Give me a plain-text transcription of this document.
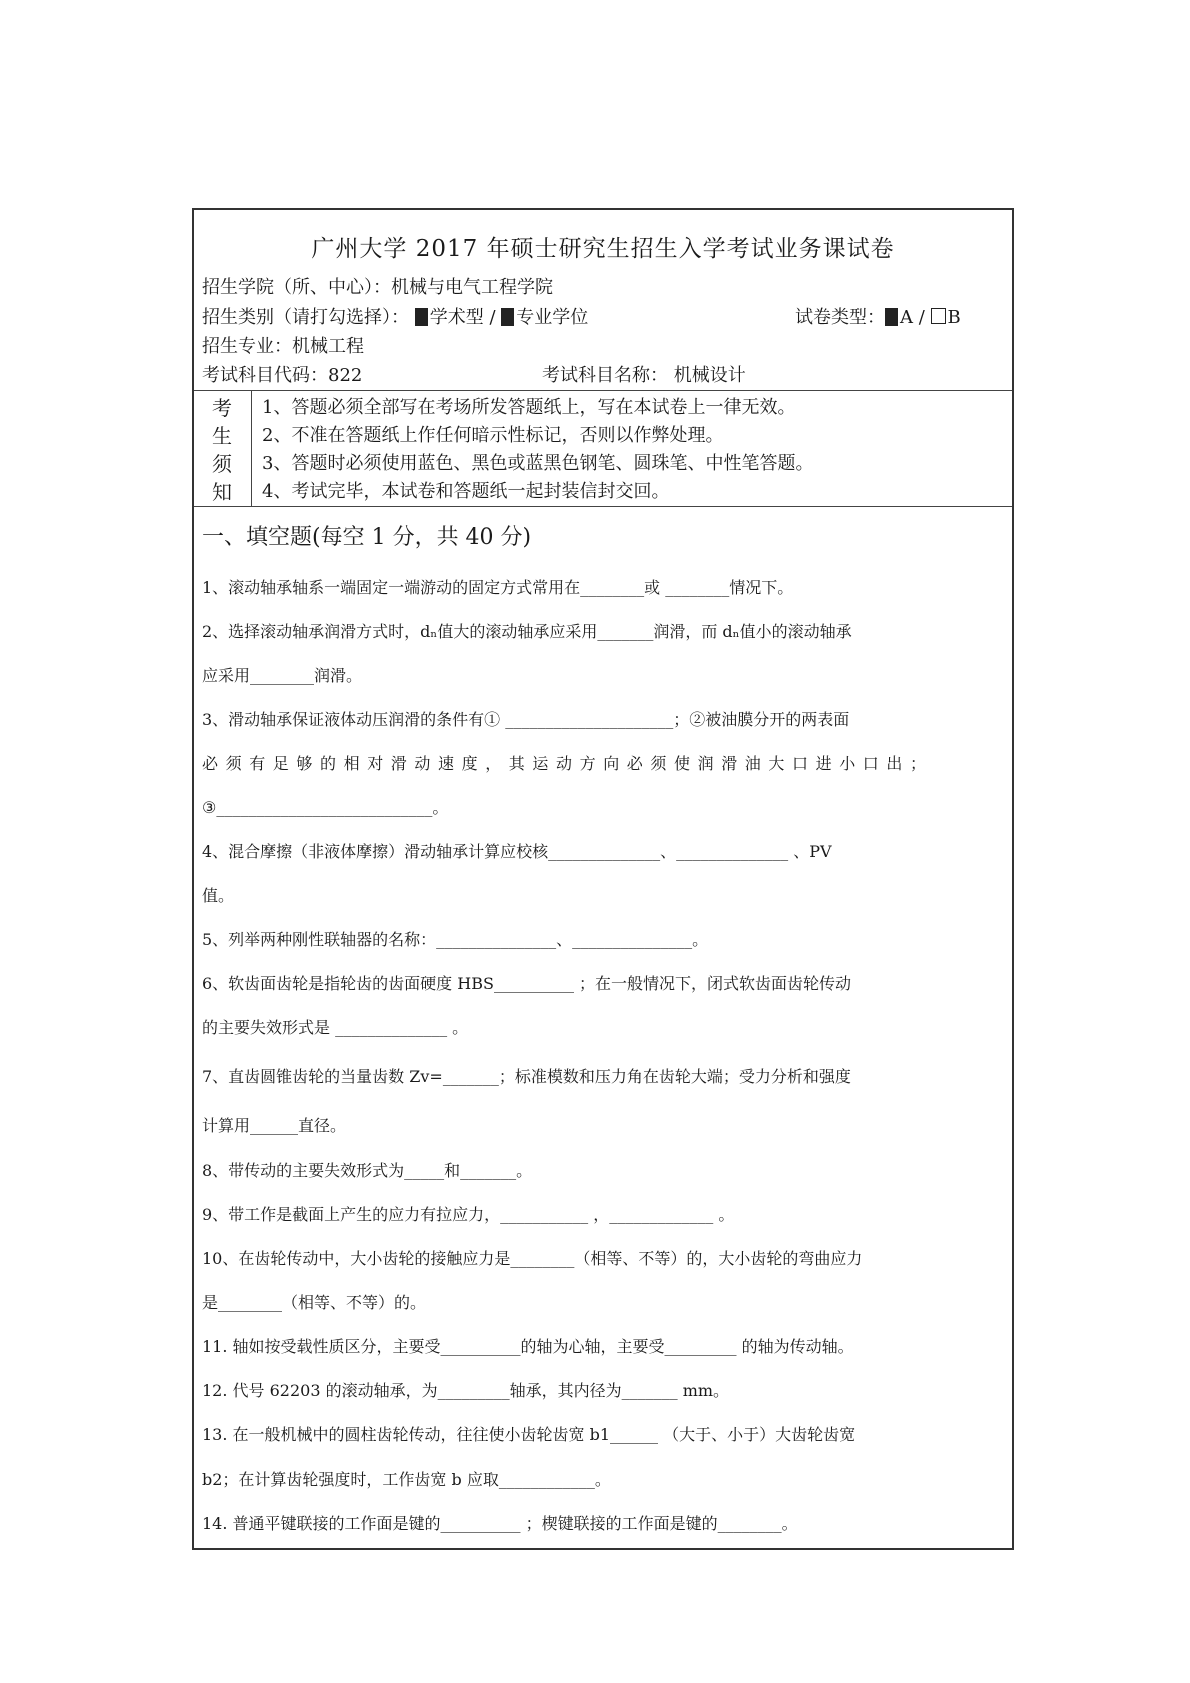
广州大学 2017 年硕士研究生招生入学考试业务课试卷
考
生
须
知
1、答题必须全部写在考场所发答题纸上，写在本试卷上一律无效。
2、不准在答题纸上作任何暗示性标记，否则以作弊处理。
3、答题时必须使用蓝色、黑色或蓝黑色钢笔、圆珠笔、中性笔答题。
4、考试完毕，本试卷和答题纸一起封装信封交回。
招生学院（所、中心）：机械与电气工程学院
招生类别（请打勾选择）： 学术型 / 专业学位	试卷类型： A / B
招生专业：机械工程
考试科目代码：822	考试科目名称： 机械设计
一、填空题(每空 1 分，共 40 分)
1、滚动轴承轴系一端固定一端游动的固定方式常用在________或 ________情况下。
2、选择滚动轴承润滑方式时，dₙ值大的滚动轴承应采用_______润滑，而 dₙ值小的滚动轴承
应采用________润滑。
3、滑动轴承保证液体动压润滑的条件有① _____________________；②被油膜分开的两表面
必须有足够的相对滑动速度，其运动方向必须使润滑油大口进小口出；
③___________________________。
4、混合摩擦（非液体摩擦）滑动轴承计算应校核______________、______________ 、PV
值。
5、列举两种刚性联轴器的名称：_______________、_______________。
6、软齿面齿轮是指轮齿的齿面硬度 HBS__________ ；在一般情况下，闭式软齿面齿轮传动
的主要失效形式是 ______________ 。
7、直齿圆锥齿轮的当量齿数 Zv=_______；标准模数和压力角在齿轮大端；受力分析和强度
计算用______直径。
8、带传动的主要失效形式为_____和_______。
9、带工作是截面上产生的应力有拉应力，___________ ，_____________ 。
10、在齿轮传动中，大小齿轮的接触应力是________（相等、不等）的，大小齿轮的弯曲应力
是________（相等、不等）的。
11. 轴如按受载性质区分，主要受__________的轴为心轴，主要受_________ 的轴为传动轴。
12. 代号 62203 的滚动轴承，为_________轴承，其内径为_______ mm。
13. 在一般机械中的圆柱齿轮传动，往往使小齿轮齿宽 b1______ （大于、小于）大齿轮齿宽
b2；在计算齿轮强度时，工作齿宽 b 应取____________。
14. 普通平键联接的工作面是键的__________ ；楔键联接的工作面是键的________。
